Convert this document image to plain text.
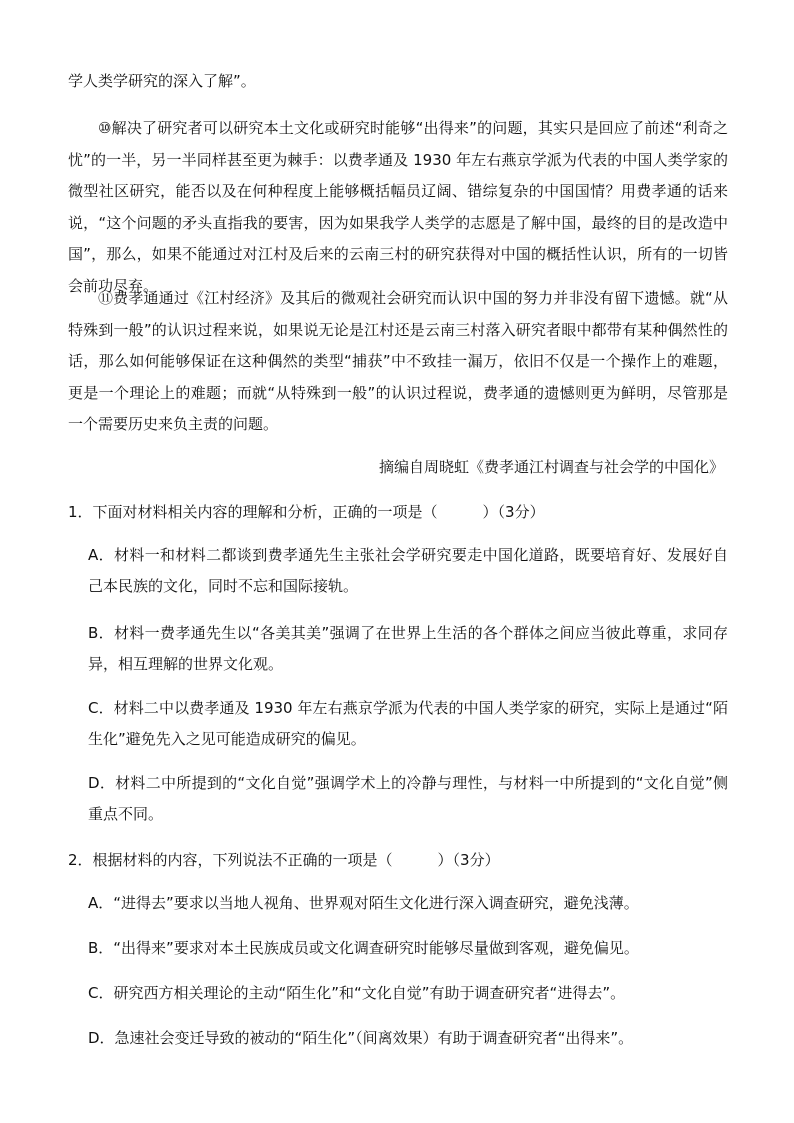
学人类学研究的深入了解”。

⑩解决了研究者可以研究本土文化或研究时能够“出得来”的问题，其实只是回应了前述“利奇之忧”的一半，另一半同样甚至更为棘手：以费孝通及 1930 年左右燕京学派为代表的中国人类学家的微型社区研究，能否以及在何种程度上能够概括幅员辽阔、错综复杂的中国国情？用费孝通的话来说，“这个问题的矛头直指我的要害，因为如果我学人类学的志愿是了解中国，最终的目的是改造中国”，那么，如果不能通过对江村及后来的云南三村的研究获得对中国的概括性认识，所有的一切皆会前功尽弃。

⑪费孝通通过《江村经济》及其后的微观社会研究而认识中国的努力并非没有留下遗憾。就“从特殊到一般”的认识过程来说，如果说无论是江村还是云南三村落入研究者眼中都带有某种偶然性的话，那么如何能够保证在这种偶然的类型“捕获”中不致挂一漏万，依旧不仅是一个操作上的难题，更是一个理论上的难题；而就“从特殊到一般”的认识过程说，费孝通的遗憾则更为鲜明，尽管那是一个需要历史来负主责的问题。

摘编自周晓虹《费孝通江村调查与社会学的中国化》

1．下面对材料相关内容的理解和分析，正确的一项是（　　　）（3分）

A．材料一和材料二都谈到费孝通先生主张社会学研究要走中国化道路，既要培育好、发展好自己本民族的文化，同时不忘和国际接轨。

B．材料一费孝通先生以“各美其美”强调了在世界上生活的各个群体之间应当彼此尊重，求同存异，相互理解的世界文化观。

C．材料二中以费孝通及 1930 年左右燕京学派为代表的中国人类学家的研究，实际上是通过“陌生化”避免先入之见可能造成研究的偏见。

D．材料二中所提到的“文化自觉”强调学术上的冷静与理性，与材料一中所提到的“文化自觉”侧重点不同。

2．根据材料的内容，下列说法不正确的一项是（　　　）（3分）

A．“进得去”要求以当地人视角、世界观对陌生文化进行深入调查研究，避免浅薄。

B．“出得来”要求对本土民族成员或文化调查研究时能够尽量做到客观，避免偏见。

C．研究西方相关理论的主动“陌生化”和“文化自觉”有助于调查研究者“进得去”。

D．急速社会变迁导致的被动的“陌生化”（间离效果）有助于调查研究者“出得来”。
